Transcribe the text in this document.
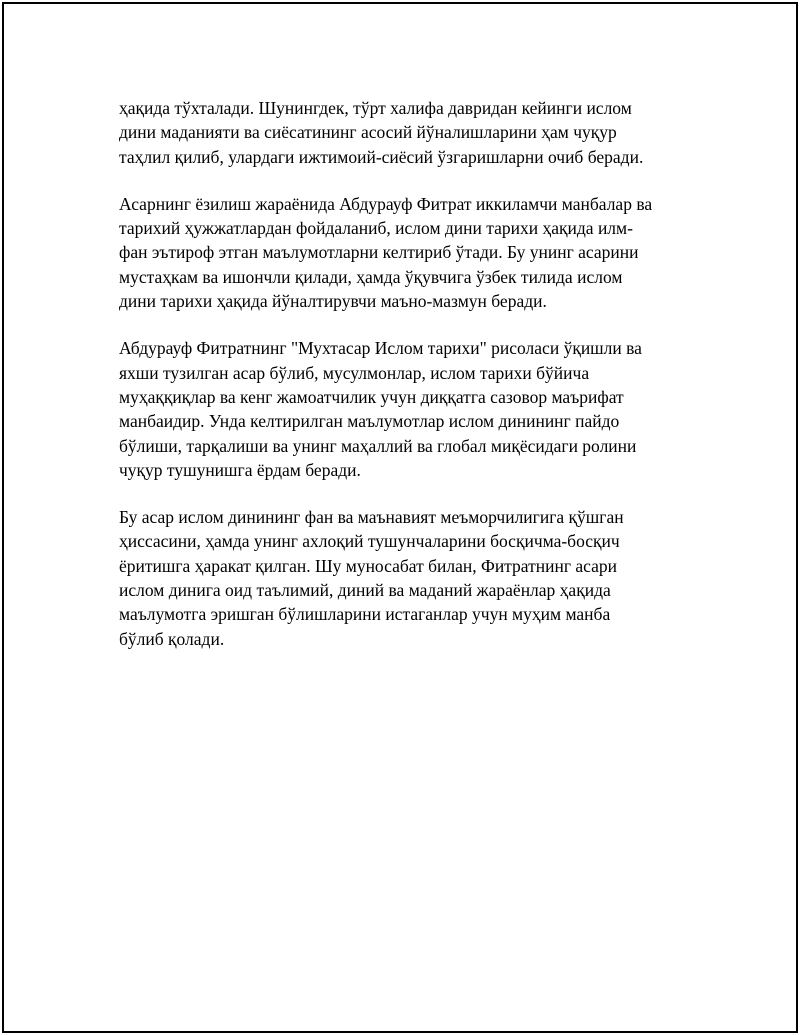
ҳақида тўхталади. Шунингдек, тўрт халифа давридан кейинги ислом
дини маданияти ва сиёсатининг асосий йўналишларини ҳам чуқур
таҳлил қилиб, улардаги ижтимоий-сиёсий ўзгаришларни очиб беради.

Асарнинг ёзилиш жараёнида Абдурауф Фитрат иккиламчи манбалар ва
тарихий ҳужжатлардан фойдаланиб, ислом дини тарихи ҳақида илм-
фан эътироф этган маълумотларни келтириб ўтади. Бу унинг асарини
мустаҳкам ва ишончли қилади, ҳамда ўқувчига ўзбек тилида ислом
дини тарихи ҳақида йўналтирувчи маъно-мазмун беради.

Абдурауф Фитратнинг "Мухтасар Ислом тарихи" рисоласи ўқишли ва
яхши тузилган асар бўлиб, мусулмонлар, ислом тарихи бўйича
муҳаққиқлар ва кенг жамоатчилик учун диққатга сазовор маърифат
манбаидир. Унда келтирилган маълумотлар ислом динининг пайдо
бўлиши, тарқалиши ва унинг маҳаллий ва глобал миқёсидаги ролини
чуқур тушунишга ёрдам беради.

Бу асар ислом динининг фан ва маънавият меъморчилигига қўшган
ҳиссасини, ҳамда унинг ахлоқий тушунчаларини босқичма-босқич
ёритишга ҳаракат қилган. Шу муносабат билан, Фитратнинг асари
ислом динига оид таълимий, диний ва маданий жараёнлар ҳақида
маълумотга эришган бўлишларини истаганлар учун муҳим манба
бўлиб қолади.
